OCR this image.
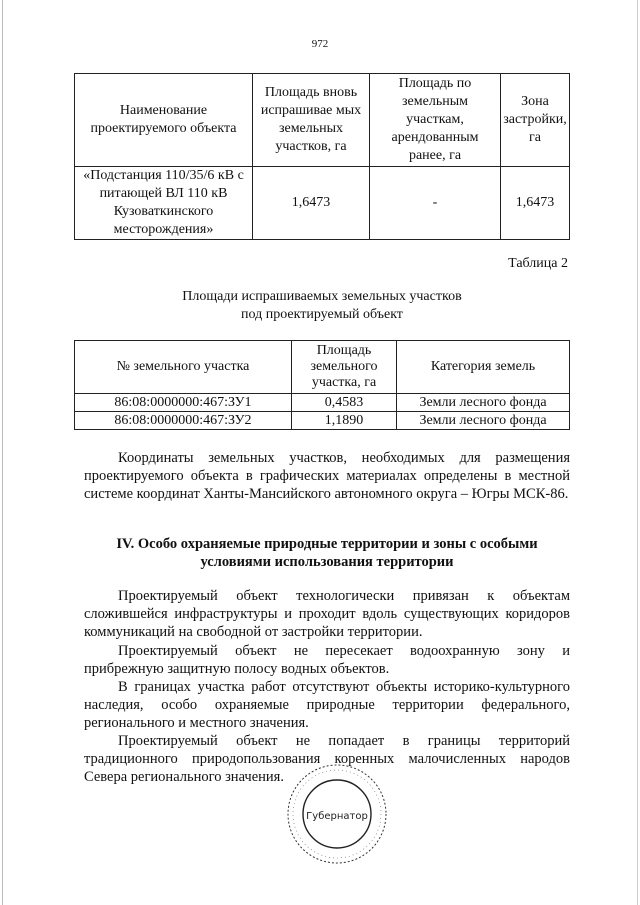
972
Наименование проектируемого объекта	Площадь вновь испрашивае мых земельных участков, га	Площадь по земельным участкам, арендованным ранее, га	Зона застройки, га
«Подстанция 110/35/6 кВ с питающей ВЛ 110 кВ Кузоваткинского месторождения»	1,6473	-	1,6473
Таблица 2
Площади испрашиваемых земельных участков
под проектируемый объект
№ земельного участка	Площадь земельного участка, га	Категория земель
86:08:0000000:467:ЗУ1	0,4583	Земли лесного фонда
86:08:0000000:467:ЗУ2	1,1890	Земли лесного фонда
Координаты земельных участков, необходимых для размещения проектируемого объекта в графических материалах определены в местной системе координат Ханты-Мансийского автономного округа – Югры МСК-86.
IV. Особо охраняемые природные территории и зоны с особыми
условиями использования территории
Проектируемый объект технологически привязан к объектам сложившейся инфраструктуры и проходит вдоль существующих коридоров коммуникаций на свободной от застройки территории.
Проектируемый объект не пересекает водоохранную зону и прибрежную защитную полосу водных объектов.
В границах участка работ отсутствуют объекты историко-культурного наследия, особо охраняемые природные территории федерального, регионального и местного значения.
Проектируемый объект не попадает в границы территорий традиционного природопользования коренных малочисленных народов Севера регионального значения.
Губернатор
